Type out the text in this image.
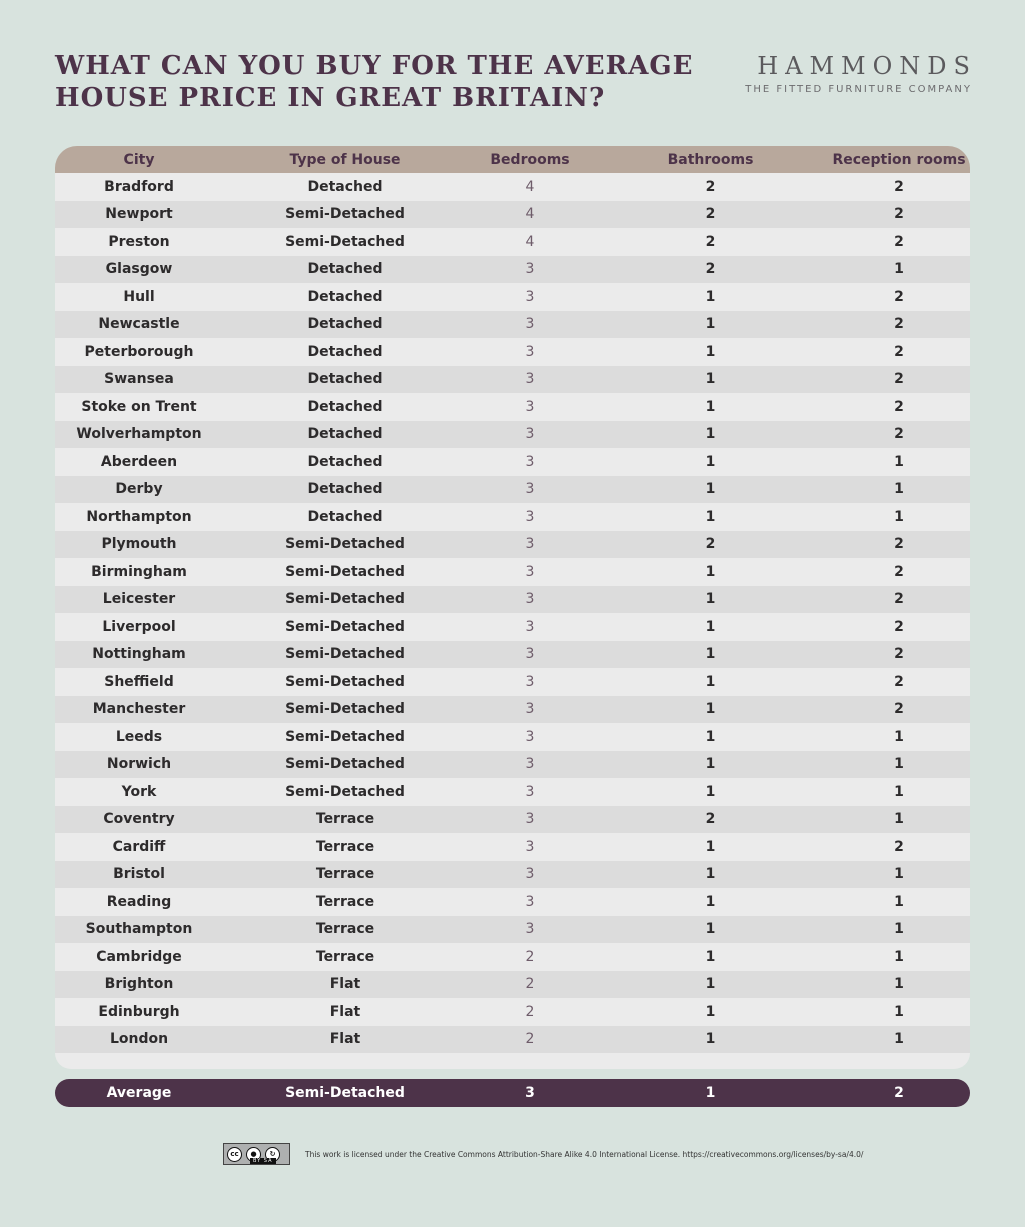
WHAT CAN YOU BUY FOR THE AVERAGE
HOUSE PRICE IN GREAT BRITAIN?
HAMMONDS
THE FITTED FURNITURE COMPANY
City	Type of House	Bedrooms	Bathrooms	Reception rooms
Bradford	Detached	4	2	2
Newport	Semi-Detached	4	2	2
Preston	Semi-Detached	4	2	2
Glasgow	Detached	3	2	1
Hull	Detached	3	1	2
Newcastle	Detached	3	1	2
Peterborough	Detached	3	1	2
Swansea	Detached	3	1	2
Stoke on Trent	Detached	3	1	2
Wolverhampton	Detached	3	1	2
Aberdeen	Detached	3	1	1
Derby	Detached	3	1	1
Northampton	Detached	3	1	1
Plymouth	Semi-Detached	3	2	2
Birmingham	Semi-Detached	3	1	2
Leicester	Semi-Detached	3	1	2
Liverpool	Semi-Detached	3	1	2
Nottingham	Semi-Detached	3	1	2
Sheffield	Semi-Detached	3	1	2
Manchester	Semi-Detached	3	1	2
Leeds	Semi-Detached	3	1	1
Norwich	Semi-Detached	3	1	1
York	Semi-Detached	3	1	1
Coventry	Terrace	3	2	1
Cardiff	Terrace	3	1	2
Bristol	Terrace	3	1	1
Reading	Terrace	3	1	1
Southampton	Terrace	3	1	1
Cambridge	Terrace	2	1	1
Brighton	Flat	2	1	1
Edinburgh	Flat	2	1	1
London	Flat	2	1	1

Average	Semi-Detached	3	1	2
cc	●	↻
BY SA
This work is licensed under the Creative Commons Attribution-Share Alike 4.0 International License. https://creativecommons.org/licenses/by-sa/4.0/
